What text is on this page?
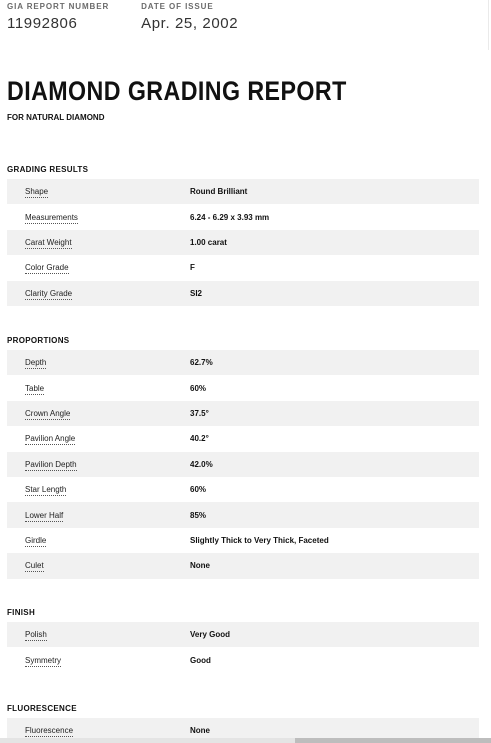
GIA REPORT NUMBER
11992806
DATE OF ISSUE
Apr. 25, 2002
DIAMOND GRADING REPORT
FOR NATURAL DIAMOND
GRADING RESULTS
Shape	Round Brilliant
Measurements	6.24 - 6.29 x 3.93 mm
Carat Weight	1.00 carat
Color Grade	F
Clarity Grade	SI2
PROPORTIONS
Depth	62.7%
Table	60%
Crown Angle	37.5°
Pavilion Angle	40.2°
Pavilion Depth	42.0%
Star Length	60%
Lower Half	85%
Girdle	Slightly Thick to Very Thick, Faceted
Culet	None
FINISH
Polish	Very Good
Symmetry	Good
FLUORESCENCE
Fluorescence	None
